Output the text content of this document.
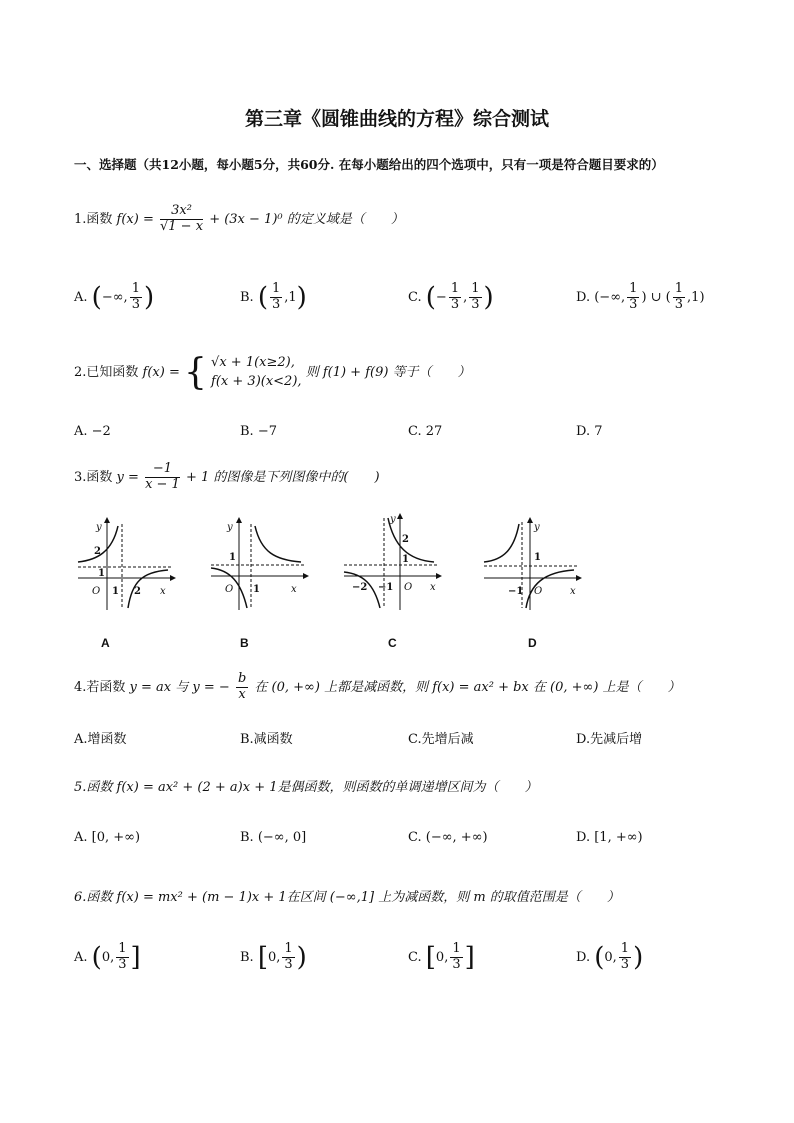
第三章《圆锥曲线的方程》综合测试
一、选择题（共12小题，每小题5分，共60分. 在每小题给出的四个选项中，只有一项是符合题目要求的）
1.函数 $f(x) = \frac{\text{3x²}}{√1 - x} + (3x - 1)^0$ 的定义域是（　　）
A. (−∞, $\frac{1}{3}$ )	B. ( $\frac{1}{3} ,1$)	C. (− $\frac{1}{3}$ , $\frac{1}{3}$ )	D. (−∞, $\frac{1}{3}$ ) ∪ ( $\frac{1}{3} ,1$)
2.已知函数 f(x) = { √x + 1(x≥2),
f(x + 3)(x<2),
则 f(1) + f(9) 等于（　　）
A. −2	B. −7	C. 27	D. 7
3.函数 $y = \frac{-1}{x - 1} + 1$ 的图像是下列图像中的(　　)
y
2
1
O 1 2 x
y
1
O 1	x
y
2
1
−2 −1 O x
y
1
−1 O	x
A	B	C	D
4.若函数 y = ax 与 y = − $\frac{b}{x}$ 在 (0, +∞) 上都是减函数，则 f(x) = ax² + bx 在 (0, +∞) 上是（　　）
A.增函数	B.减函数	C.先增后减	D.先减后增
5.函数 f(x) = ax² + (2 + a)x + 1是偶函数，则函数的单调递增区间为（　　）
A. [0, +∞)	B. (−∞, 0]	C. (−∞, +∞)	D. [1, +∞)
6.函数 f(x) = mx² + (m − 1)x + 1在区间 (−∞,1] 上为减函数，则 m 的取值范围是（　　）
A. (0, $\frac{1}{3}$ ]	B. [0, $\frac{1}{3}$ )	C. [0, $\frac{1}{3}$ ]	D. (0, $\frac{1}{3}$ )
